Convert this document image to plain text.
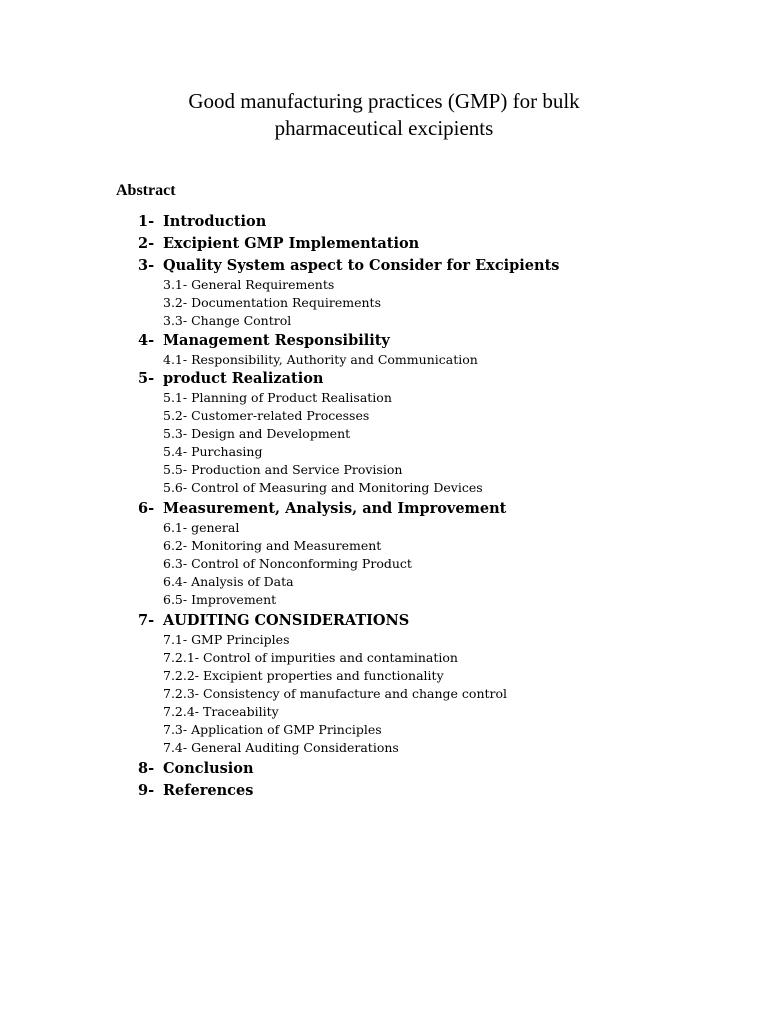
Good manufacturing practices (GMP) for bulk
pharmaceutical excipients
Abstract
1- Introduction
2- Excipient GMP Implementation
3- Quality System aspect to Consider for Excipients
3.1- General Requirements
3.2- Documentation Requirements
3.3- Change Control
4- Management Responsibility
4.1- Responsibility, Authority and Communication
5- product Realization
5.1- Planning of Product Realisation
5.2- Customer-related Processes
5.3- Design and Development
5.4- Purchasing
5.5- Production and Service Provision
5.6- Control of Measuring and Monitoring Devices
6- Measurement, Analysis, and Improvement
6.1- general
6.2- Monitoring and Measurement
6.3- Control of Nonconforming Product
6.4- Analysis of Data
6.5- Improvement
7- AUDITING CONSIDERATIONS
7.1- GMP Principles
7.2.1- Control of impurities and contamination
7.2.2- Excipient properties and functionality
7.2.3- Consistency of manufacture and change control
7.2.4- Traceability
7.3- Application of GMP Principles
7.4- General Auditing Considerations
8- Conclusion
9- References
